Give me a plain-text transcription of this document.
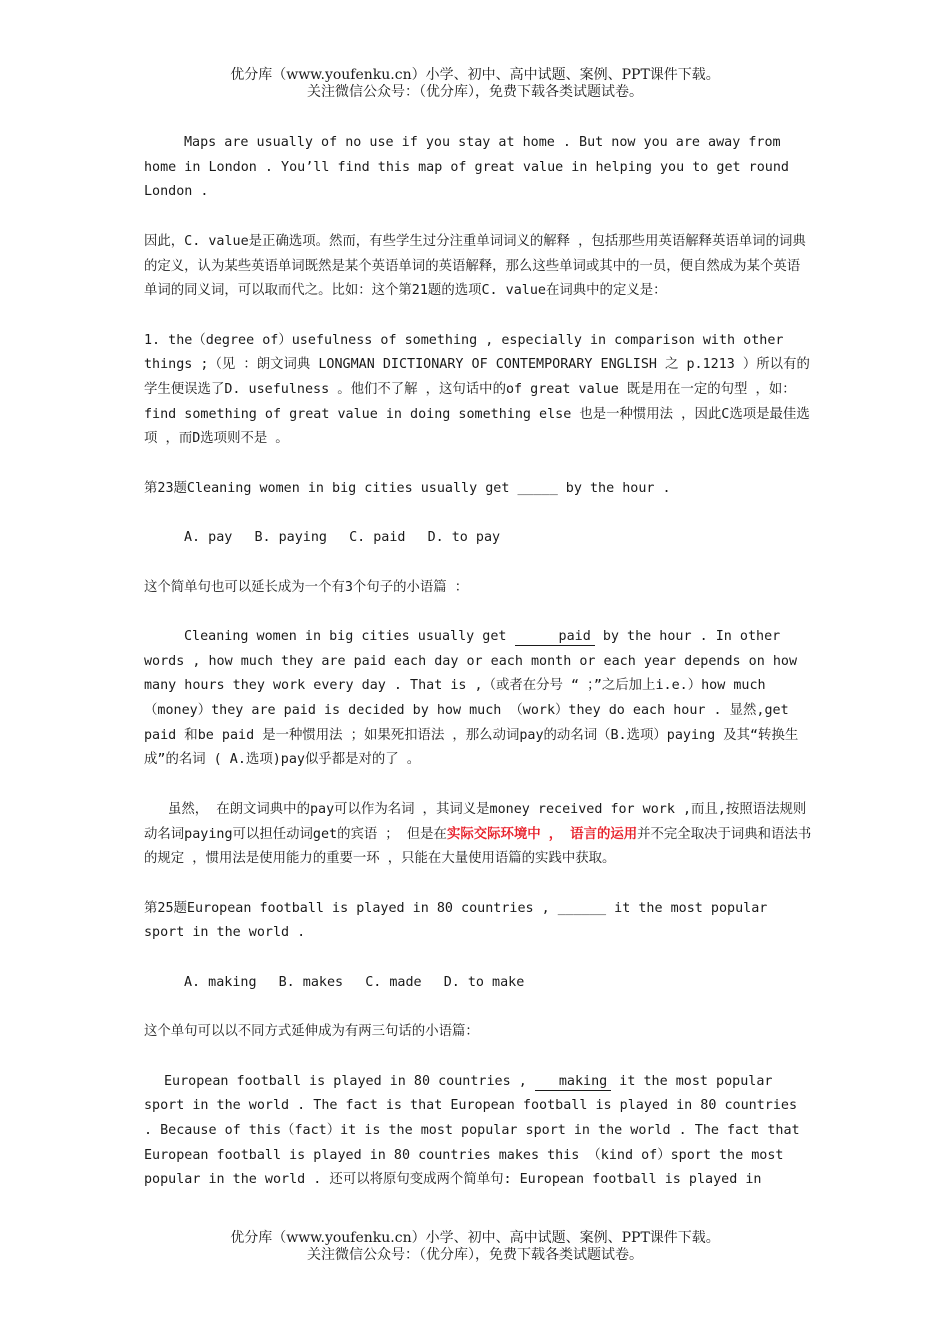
优分库（www.youfenku.cn）小学、初中、高中试题、案例、PPT课件下载。
关注微信公众号：（优分库），免费下载各类试题试卷。

Maps are usually of no use if you stay at home . But now you are away from home in London . You’ll find this map of great value in helping you to get round London .

因此，C. value是正确选项。然而，有些学生过分注重单词词义的解释 ，包括那些用英语解释英语单词的词典的定义，认为某些英语单词既然是某个英语单词的英语解释，那么这些单词或其中的一员，便自然成为某个英语单词的同义词，可以取而代之。比如：这个第21题的选项C. value在词典中的定义是：

1. the（degree of）usefulness of something , especially in comparison with other things ;（见 ：朗文词典 LONGMAN DICTIONARY OF CONTEMPORARY ENGLISH 之 p.1213 ）所以有的学生便误选了D. usefulness 。他们不了解 ，这句话中的of great value 既是用在一定的句型 ，如：find something of great value in doing something else 也是一种惯用法 ，因此C选项是最佳选项 ，而D选项则不是 。

第23题Cleaning women in big cities usually get _____ by the hour .

A. pay B. paying C. paid D. to pay

这个简单句也可以延长成为一个有3个句子的小语篇 ：

Cleaning women in big cities usually get	paid by the hour . In other words , how much they are paid each day or each month or each year depends on how many hours they work every day . That is ,（或者在分号 “ ；”之后加上i.e.）how much （money）they are paid is decided by how much （work）they do each hour . 显然,get paid 和be paid 是一种惯用法 ；如果死扣语法 ，那么动词pay的动名词（B.选项）paying 及其“转换生成”的名词 ( A.选项)pay似乎都是对的了 。

虽然， 在朗文词典中的pay可以作为名词 ，其词义是money received for work ,而且,按照语法规则动名词paying可以担任动词get的宾语 ； 但是在实际交际环境中 ， 语言的运用并不完全取决于词典和语法书的规定 ，惯用法是使用能力的重要一环 ，只能在大量使用语篇的实践中获取。

第25题European football is played in 80 countries , ______ it the most popular sport in the world .

A. making B. makes C. made D. to make

这个单句可以以不同方式延伸成为有两三句话的小语篇：

European football is played in 80 countries , making it the most popular sport in the world . The fact is that European football is played in 80 countries . Because of this（fact）it is the most popular sport in the world . The fact that European football is played in 80 countries makes this （kind of）sport the most popular in the world . 还可以将原句变成两个简单句: European football is played in

优分库（www.youfenku.cn）小学、初中、高中试题、案例、PPT课件下载。
关注微信公众号：（优分库），免费下载各类试题试卷。
